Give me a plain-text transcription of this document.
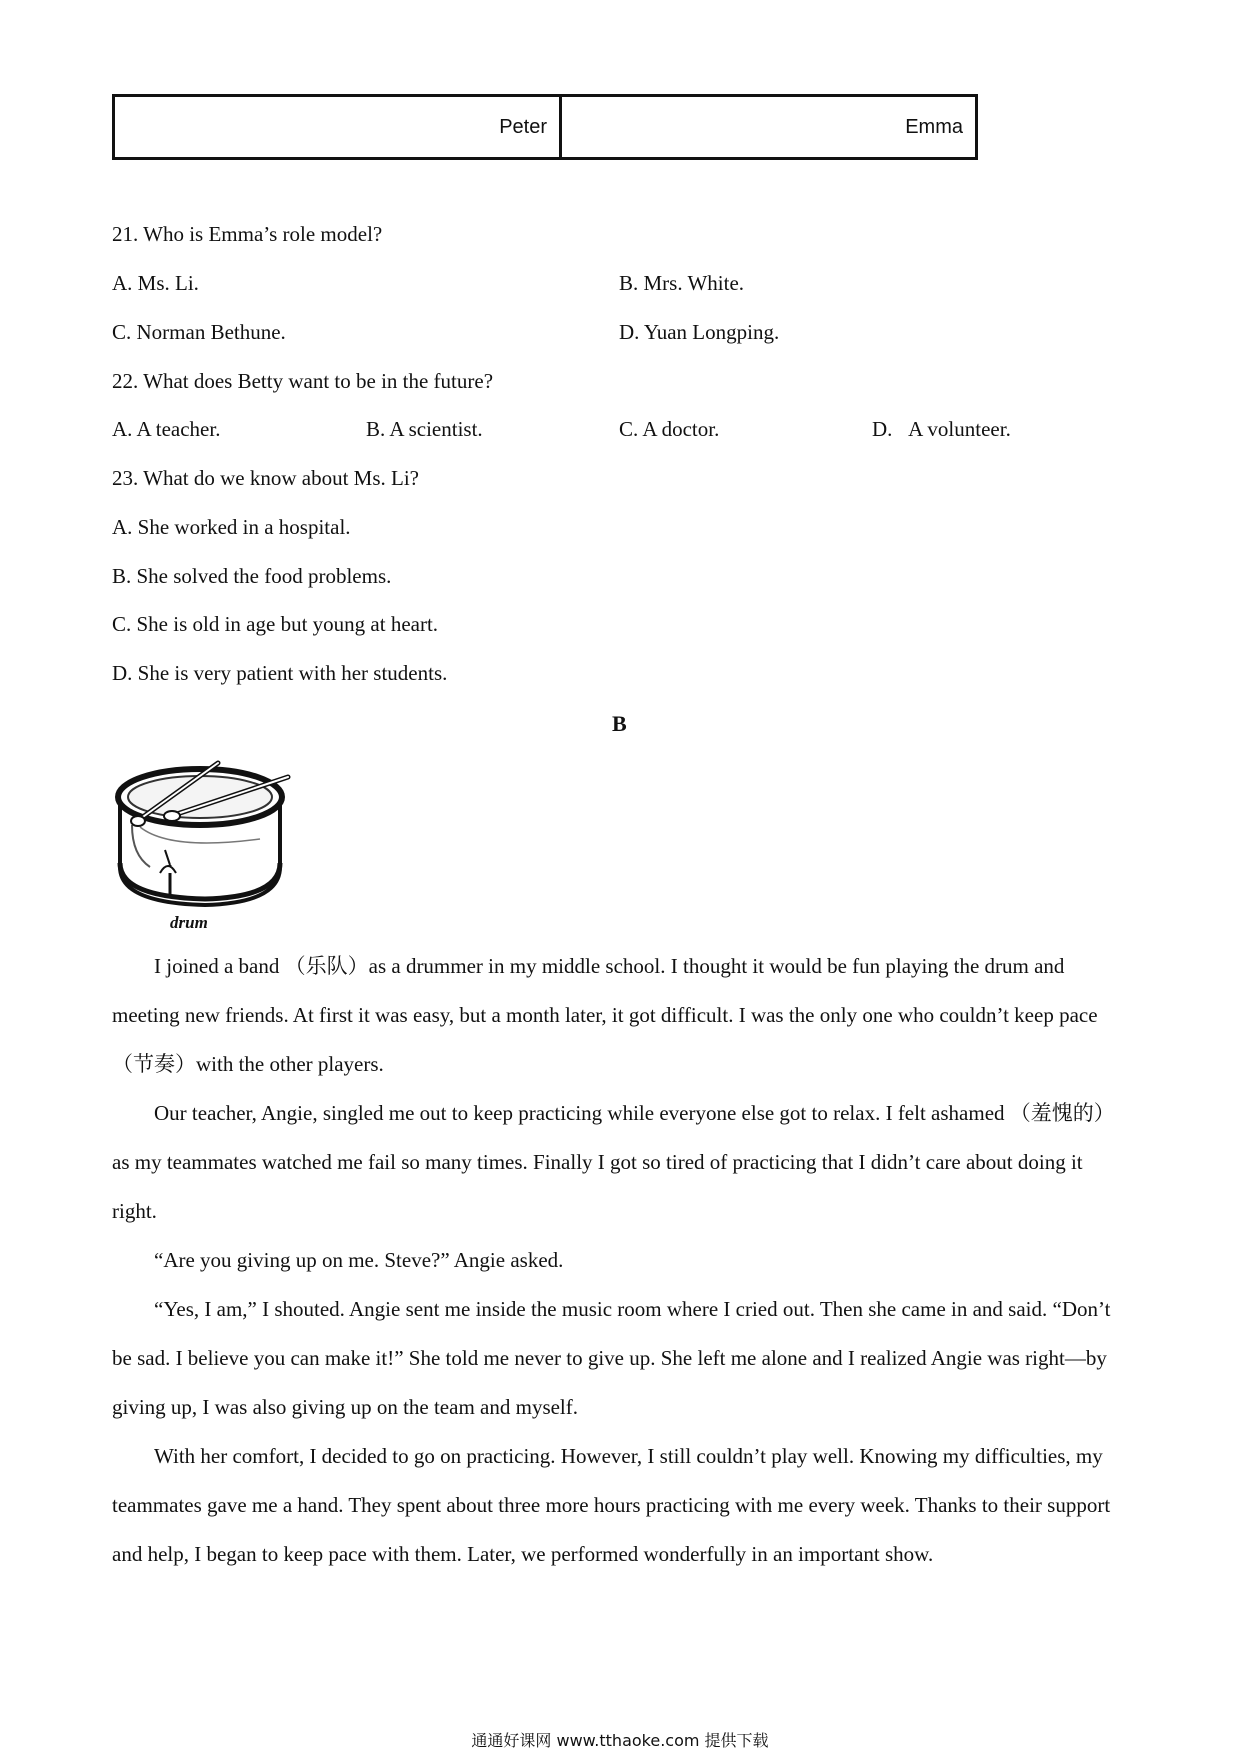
Peter	Emma
21. Who is Emma’s role model?
A. Ms. Li.	B. Mrs. White.
C. Norman Bethune.	D. Yuan Longping.
22. What does Betty want to be in the future?
A. A teacher.	B. A scientist.	C. A doctor.	D.   A volunteer.
23. What do we know about Ms. Li?
A. She worked in a hospital.
B. She solved the food problems.
C. She is old in age but young at heart.
D. She is very patient with her students.
B
drum

I joined a band （乐队）as a drummer in my middle school. I thought it would be fun playing the drum and meeting new friends. At first it was easy, but a month later, it got difficult. I was the only one who couldn’t keep pace （节奏）with the other players.

Our teacher, Angie, singled me out to keep practicing while everyone else got to relax. I felt ashamed （羞愧的）as my teammates watched me fail so many times. Finally I got so tired of practicing that I didn’t care about doing it right.

“Are you giving up on me. Steve?” Angie asked.

“Yes, I am,” I shouted. Angie sent me inside the music room where I cried out. Then she came in and said. “Don’t be sad. I believe you can make it!” She told me never to give up. She left me alone and I realized Angie was right—by giving up, I was also giving up on the team and myself.

With her comfort, I decided to go on practicing. However, I still couldn’t play well. Knowing my difficulties, my teammates gave me a hand. They spent about three more hours practicing with me every week. Thanks to their support and help, I began to keep pace with them. Later, we performed wonderfully in an important show.

通通好课网 www.tthaoke.com 提供下载
